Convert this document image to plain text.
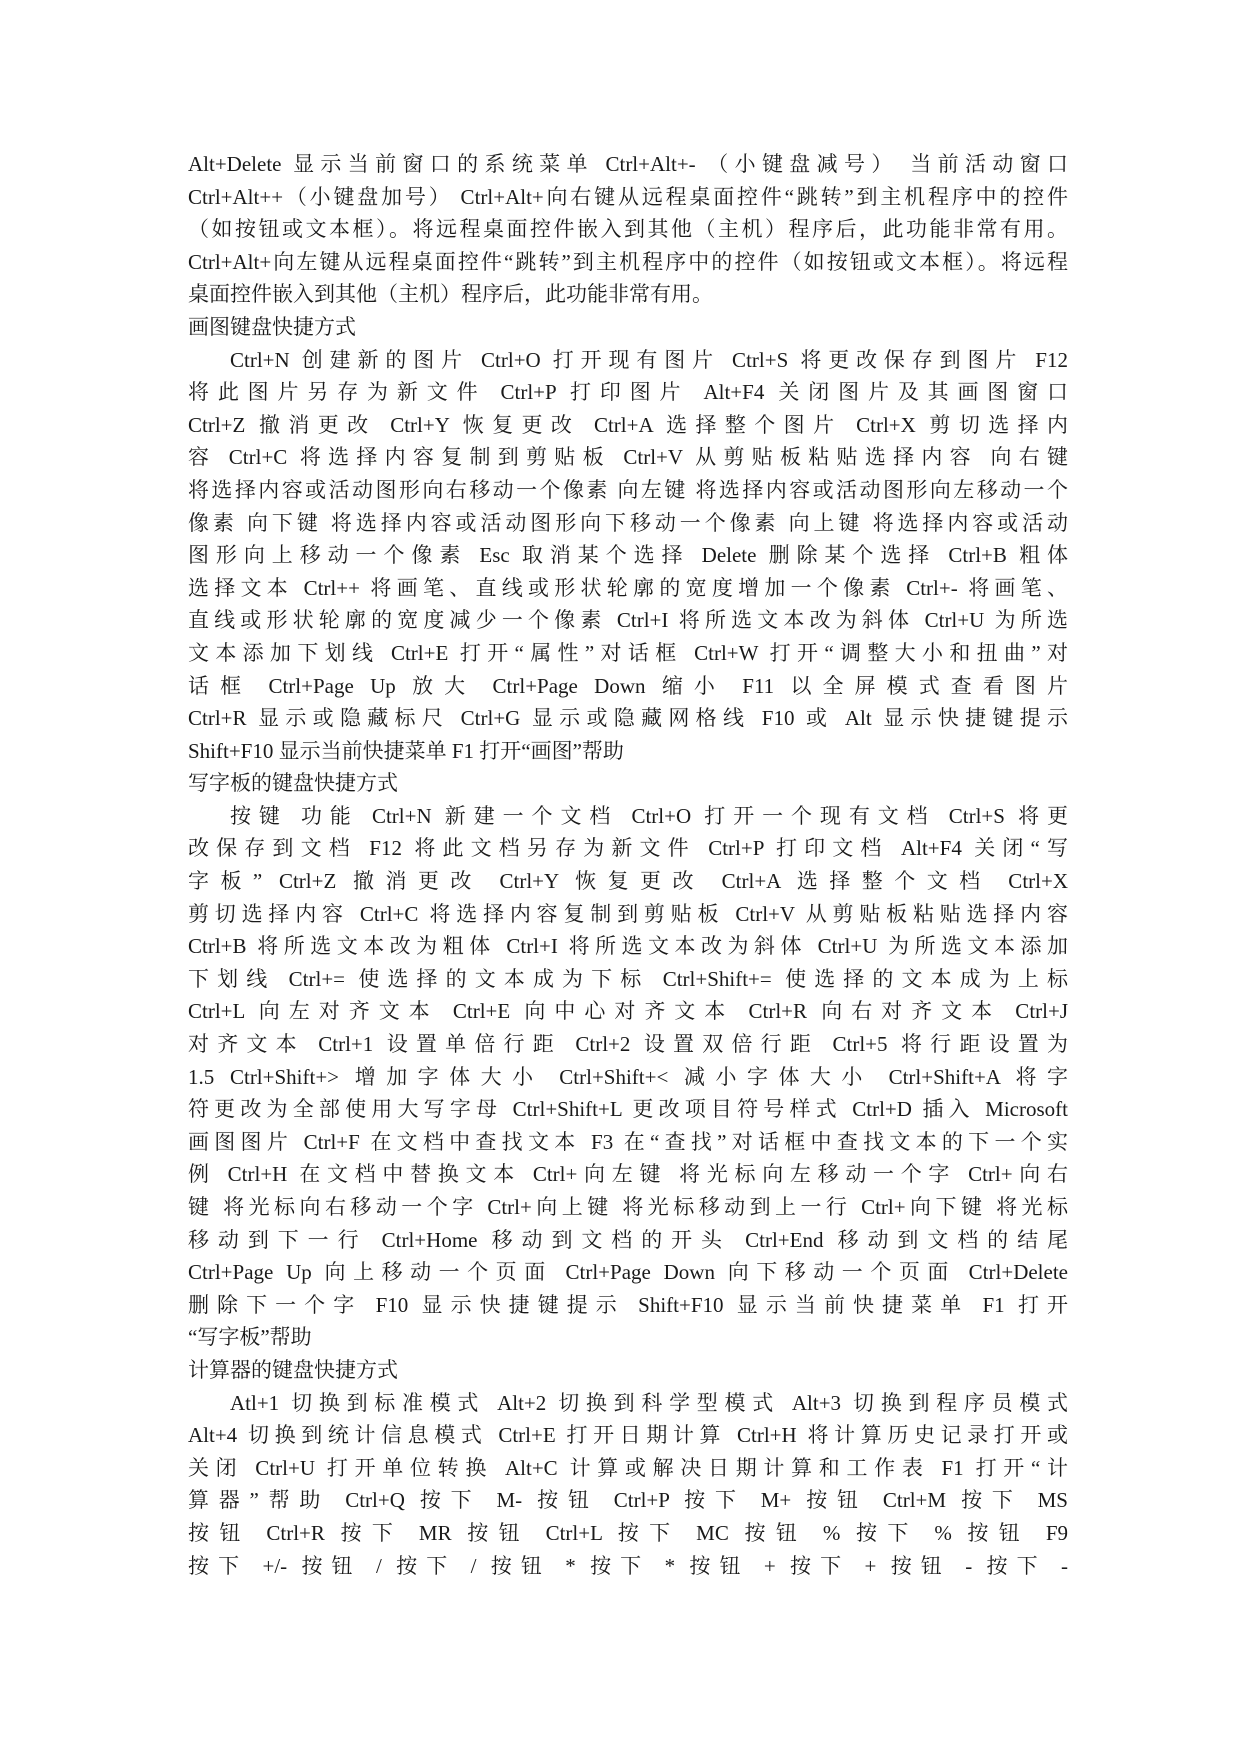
Alt+Delete 显示当前窗口的系统菜单 Ctrl+Alt+- （小键盘减号） 当前活动窗口
Ctrl+Alt++（小键盘加号） Ctrl+Alt+向右键从远程桌面控件“跳转”到主机程序中的控件
（如按钮或文本框）。将远程桌面控件嵌入到其他（主机）程序后，此功能非常有用。
Ctrl+Alt+向左键从远程桌面控件“跳转”到主机程序中的控件（如按钮或文本框）。将远程
桌面控件嵌入到其他（主机）程序后，此功能非常有用。
画图键盘快捷方式
Ctrl+N 创建新的图片 Ctrl+O 打开现有图片 Ctrl+S 将更改保存到图片 F12
将此图片另存为新文件 Ctrl+P 打印图片 Alt+F4 关闭图片及其画图窗口
Ctrl+Z 撤消更改 Ctrl+Y 恢复更改 Ctrl+A 选择整个图片 Ctrl+X 剪切选择内
容 Ctrl+C 将选择内容复制到剪贴板 Ctrl+V 从剪贴板粘贴选择内容 向右键
将选择内容或活动图形向右移动一个像素 向左键 将选择内容或活动图形向左移动一个
像素 向下键 将选择内容或活动图形向下移动一个像素 向上键 将选择内容或活动
图形向上移动一个像素 Esc 取消某个选择 Delete 删除某个选择 Ctrl+B 粗体
选择文本 Ctrl++ 将画笔、直线或形状轮廓的宽度增加一个像素 Ctrl+- 将画笔、
直线或形状轮廓的宽度减少一个像素 Ctrl+I 将所选文本改为斜体 Ctrl+U 为所选
文本添加下划线 Ctrl+E 打开“属性”对话框 Ctrl+W 打开“调整大小和扭曲”对
话框 Ctrl+Page Up 放大 Ctrl+Page Down 缩小 F11 以全屏模式查看图片
Ctrl+R 显示或隐藏标尺 Ctrl+G 显示或隐藏网格线 F10 或 Alt 显示快捷键提示
Shift+F10 显示当前快捷菜单 F1 打开“画图”帮助
写字板的键盘快捷方式
按键 功能 Ctrl+N 新建一个文档 Ctrl+O 打开一个现有文档 Ctrl+S 将更
改保存到文档 F12 将此文档另存为新文件 Ctrl+P 打印文档 Alt+F4 关闭“写
字板” Ctrl+Z 撤消更改 Ctrl+Y 恢复更改 Ctrl+A 选择整个文档 Ctrl+X
剪切选择内容 Ctrl+C 将选择内容复制到剪贴板 Ctrl+V 从剪贴板粘贴选择内容
Ctrl+B 将所选文本改为粗体 Ctrl+I 将所选文本改为斜体 Ctrl+U 为所选文本添加
下划线 Ctrl+= 使选择的文本成为下标 Ctrl+Shift+= 使选择的文本成为上标
Ctrl+L 向左对齐文本 Ctrl+E 向中心对齐文本 Ctrl+R 向右对齐文本 Ctrl+J
对齐文本 Ctrl+1 设置单倍行距 Ctrl+2 设置双倍行距 Ctrl+5 将行距设置为
1.5 Ctrl+Shift+> 增加字体大小 Ctrl+Shift+< 减小字体大小 Ctrl+Shift+A 将字
符更改为全部使用大写字母 Ctrl+Shift+L 更改项目符号样式 Ctrl+D 插入 Microsoft
画图图片 Ctrl+F 在文档中查找文本 F3 在“查找”对话框中查找文本的下一个实
例 Ctrl+H 在文档中替换文本 Ctrl+向左键 将光标向左移动一个字 Ctrl+向右
键 将光标向右移动一个字 Ctrl+向上键 将光标移动到上一行 Ctrl+向下键 将光标
移动到下一行 Ctrl+Home 移动到文档的开头 Ctrl+End 移动到文档的结尾
Ctrl+Page Up 向上移动一个页面 Ctrl+Page Down 向下移动一个页面 Ctrl+Delete
删除下一个字 F10 显示快捷键提示 Shift+F10 显示当前快捷菜单 F1 打开
“写字板”帮助
计算器的键盘快捷方式
Atl+1 切换到标准模式 Alt+2 切换到科学型模式 Alt+3 切换到程序员模式
Alt+4 切换到统计信息模式 Ctrl+E 打开日期计算 Ctrl+H 将计算历史记录打开或
关闭 Ctrl+U 打开单位转换 Alt+C 计算或解决日期计算和工作表 F1 打开“计
算器”帮助 Ctrl+Q 按下 M- 按钮 Ctrl+P 按下 M+ 按钮 Ctrl+M 按下 MS
按钮 Ctrl+R 按下 MR 按钮 Ctrl+L 按下 MC 按钮 % 按下 % 按钮 F9
按下 +/- 按钮 / 按下 / 按钮 * 按下 * 按钮 + 按下 + 按钮 - 按下 -
